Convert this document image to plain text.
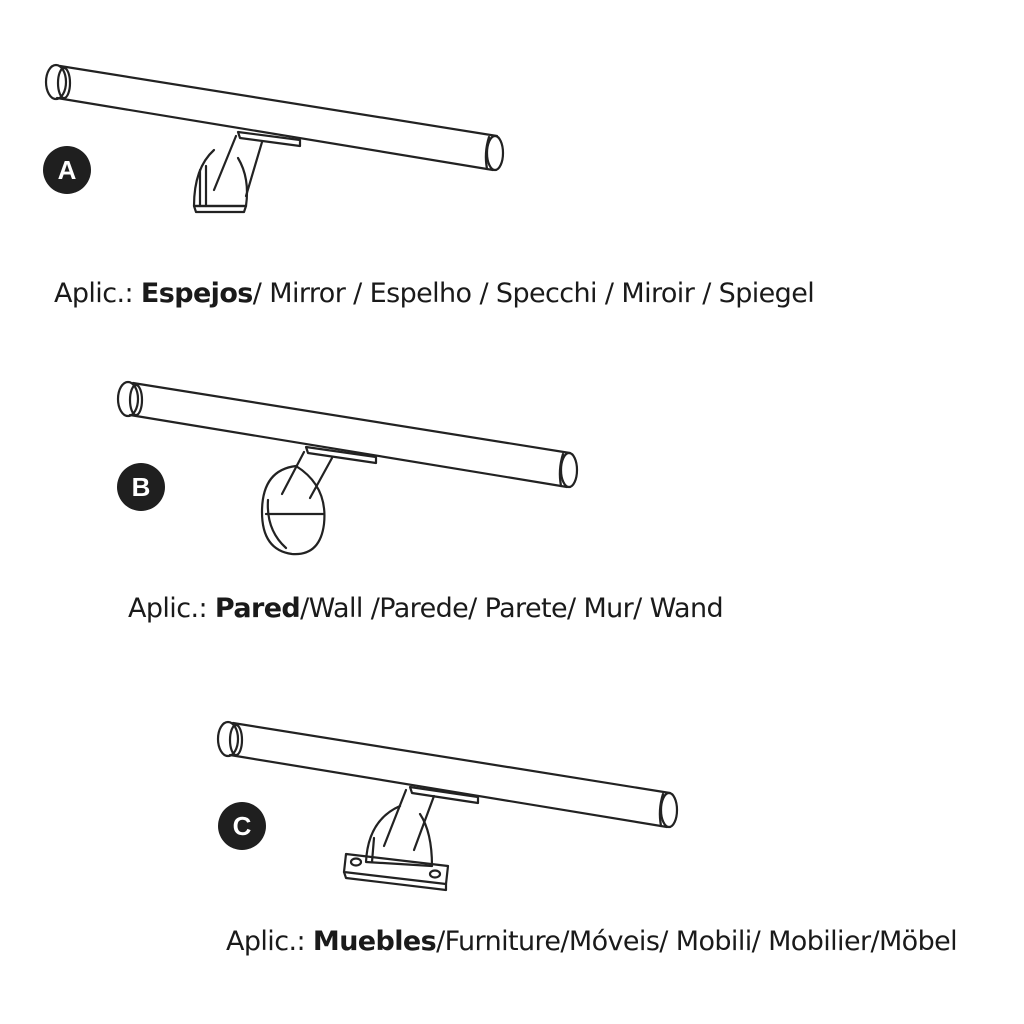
A
Aplic.: Espejos/ Mirror / Espelho / Specchi / Miroir / Spiegel
B
Aplic.: Pared/Wall /Parede/ Parete/ Mur/ Wand
C
Aplic.: Muebles/Furniture/Móveis/ Mobili/ Mobilier/Möbel
